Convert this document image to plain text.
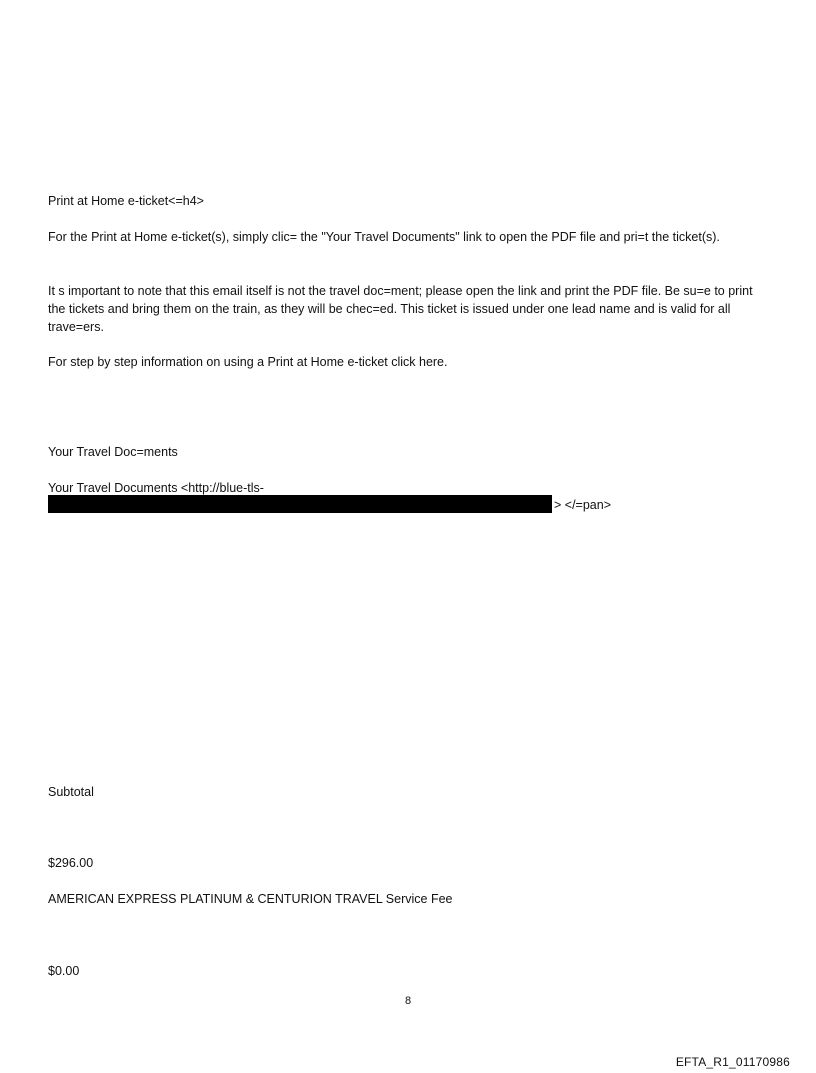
Print at Home e-ticket<=h4>

For the Print at Home e-ticket(s), simply clic= the "Your Travel Documents" link to open the PDF file and pri=t the ticket(s).

It s important to note that this email itself is not the travel doc=ment; please open the link and print the PDF file. Be su=e to print the tickets and bring them on the train, as they will be chec=ed. This ticket is issued under one lead name and is valid for all trave=ers.

For step by step information on using a Print at Home e-ticket click here.

Your Travel Doc=ments

Your Travel Documents <http://blue-tls-

> </=pan>

Subtotal

$296.00

AMERICAN EXPRESS PLATINUM & CENTURION TRAVEL Service Fee

$0.00

8
EFTA_R1_01170986
